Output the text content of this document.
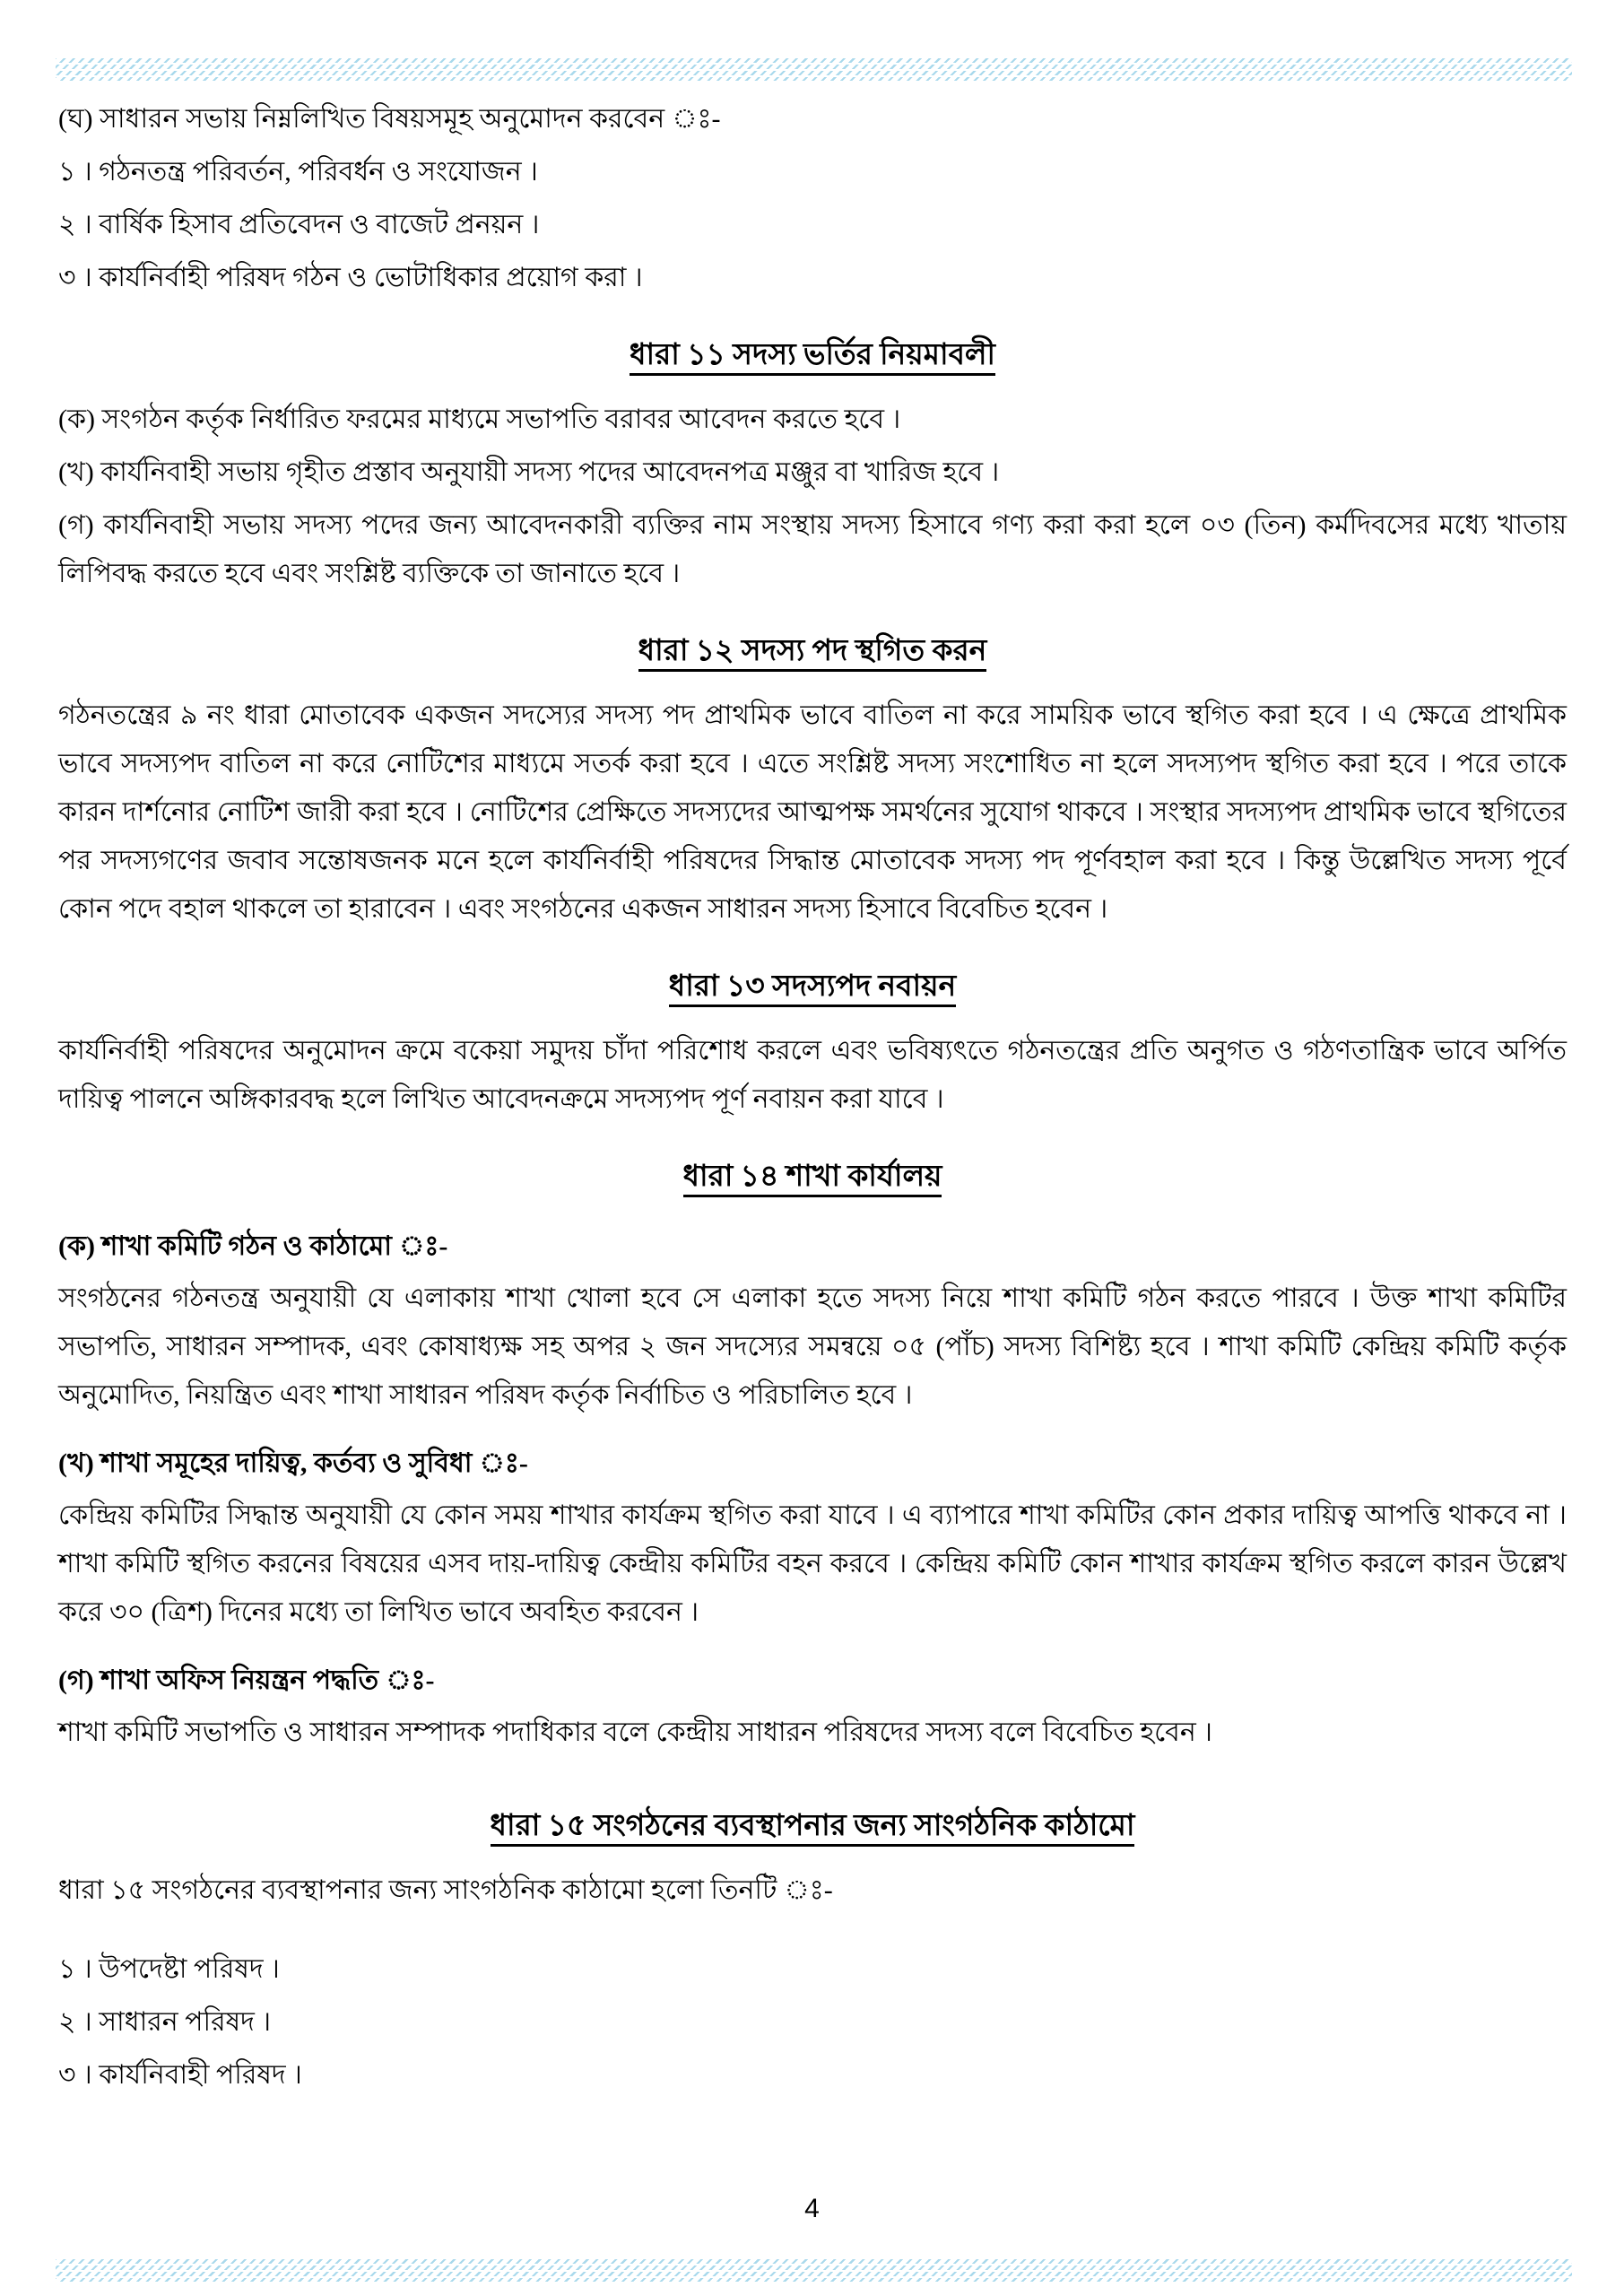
(ঘ) সাধারন সভায় নিম্নলিখিত বিষয়সমূহ অনুমোদন করবেন ঃ-

১ । গঠনতন্ত্র পরিবর্তন, পরিবর্ধন ও সংযোজন ।

২ । বার্ষিক হিসাব প্রতিবেদন ও বাজেট প্রনয়ন ।

৩ । কার্যনির্বাহী পরিষদ গঠন ও ভোটাধিকার প্রয়োগ করা ।

ধারা ১১ সদস্য ভর্তির নিয়মাবলী

(ক) সংগঠন কর্তৃক নির্ধারিত ফরমের মাধ্যমে সভাপতি বরাবর আবেদন করতে হবে ।

(খ) কার্যনিবাহী সভায় গৃহীত প্রস্তাব অনুযায়ী সদস্য পদের আবেদনপত্র মঞ্জুর বা খারিজ হবে ।

(গ) কার্যনিবাহী সভায় সদস্য পদের জন্য আবেদনকারী ব্যক্তির নাম সংস্থায় সদস্য হিসাবে গণ্য করা করা হলে ০৩ (তিন) কর্মদিবসের মধ্যে খাতায় লিপিবদ্ধ করতে হবে এবং সংশ্লিষ্ট ব্যক্তিকে তা জানাতে হবে ।

ধারা ১২ সদস্য পদ স্থগিত করন

গঠনতন্ত্রের ৯ নং ধারা মোতাবেক একজন সদস্যের সদস্য পদ প্রাথমিক ভাবে বাতিল না করে সাময়িক ভাবে স্থগিত করা হবে । এ ক্ষেত্রে প্রাথমিক ভাবে সদস্যপদ বাতিল না করে নোটিশের মাধ্যমে সতর্ক করা হবে । এতে সংশ্লিষ্ট সদস্য সংশোধিত না হলে সদস্যপদ স্থগিত করা হবে । পরে তাকে কারন দার্শনোর নোটিশ জারী করা হবে । নোটিশের প্রেক্ষিতে সদস্যদের আত্মপক্ষ সমর্থনের সুযোগ থাকবে । সংস্থার সদস্যপদ প্রাথমিক ভাবে স্থগিতের পর সদস্যগণের জবাব সন্তোষজনক মনে হলে কার্যনির্বাহী পরিষদের সিদ্ধান্ত মোতাবেক সদস্য পদ পূর্ণবহাল করা হবে । কিন্তু উল্লেখিত সদস্য পূর্বে কোন পদে বহাল থাকলে তা হারাবেন । এবং সংগঠনের একজন সাধারন সদস্য হিসাবে বিবেচিত হবেন ।

ধারা ১৩ সদস্যপদ নবায়ন

কার্যনির্বাহী পরিষদের অনুমোদন ক্রমে বকেয়া সমুদয় চাঁদা পরিশোধ করলে এবং ভবিষ্যৎতে গঠনতন্ত্রের প্রতি অনুগত ও গঠণতান্ত্রিক ভাবে অর্পিত দায়িত্ব পালনে অঙ্গিকারবদ্ধ হলে লিখিত আবেদনক্রমে সদস্যপদ পূর্ণ নবায়ন করা যাবে ।

ধারা ১৪ শাখা কার্যালয়

(ক) শাখা কমিটি গঠন ও কাঠামো ঃ-

সংগঠনের গঠনতন্ত্র অনুযায়ী যে এলাকায় শাখা খোলা হবে সে এলাকা হতে সদস্য নিয়ে শাখা কমিটি গঠন করতে পারবে । উক্ত শাখা কমিটির সভাপতি, সাধারন সম্পাদক, এবং কোষাধ্যক্ষ সহ অপর ২ জন সদস্যের সমন্বয়ে ০৫ (পাঁচ) সদস্য বিশিষ্ট্য হবে । শাখা কমিটি কেন্দ্রিয় কমিটি কর্তৃক অনুমোদিত, নিয়ন্ত্রিত এবং শাখা সাধারন পরিষদ কর্তৃক নির্বাচিত ও পরিচালিত হবে ।

(খ) শাখা সমূহের দায়িত্ব, কর্তব্য ও সুবিধা ঃ-

কেন্দ্রিয় কমিটির সিদ্ধান্ত অনুযায়ী যে কোন সময় শাখার কার্যক্রম স্থগিত করা যাবে । এ ব্যাপারে শাখা কমিটির কোন প্রকার দায়িত্ব আপত্তি থাকবে না । শাখা কমিটি স্থগিত করনের বিষয়ের এসব দায়-দায়িত্ব কেন্দ্রীয় কমিটির বহন করবে । কেন্দ্রিয় কমিটি কোন শাখার কার্যক্রম স্থগিত করলে কারন উল্লেখ করে ৩০ (ত্রিশ) দিনের মধ্যে তা লিখিত ভাবে অবহিত করবেন ।

(গ) শাখা অফিস নিয়ন্ত্রন পদ্ধতি ঃ-

শাখা কমিটি সভাপতি ও সাধারন সম্পাদক পদাধিকার বলে কেন্দ্রীয় সাধারন পরিষদের সদস্য বলে বিবেচিত হবেন ।

ধারা ১৫ সংগঠনের ব্যবস্থাপনার জন্য সাংগঠনিক কাঠামো

ধারা ১৫ সংগঠনের ব্যবস্থাপনার জন্য সাংগঠনিক কাঠামো হলো তিনটি ঃ-

১ । উপদেষ্টা পরিষদ ।

২ । সাধারন পরিষদ ।

৩ । কার্যনিবাহী পরিষদ ।

4
